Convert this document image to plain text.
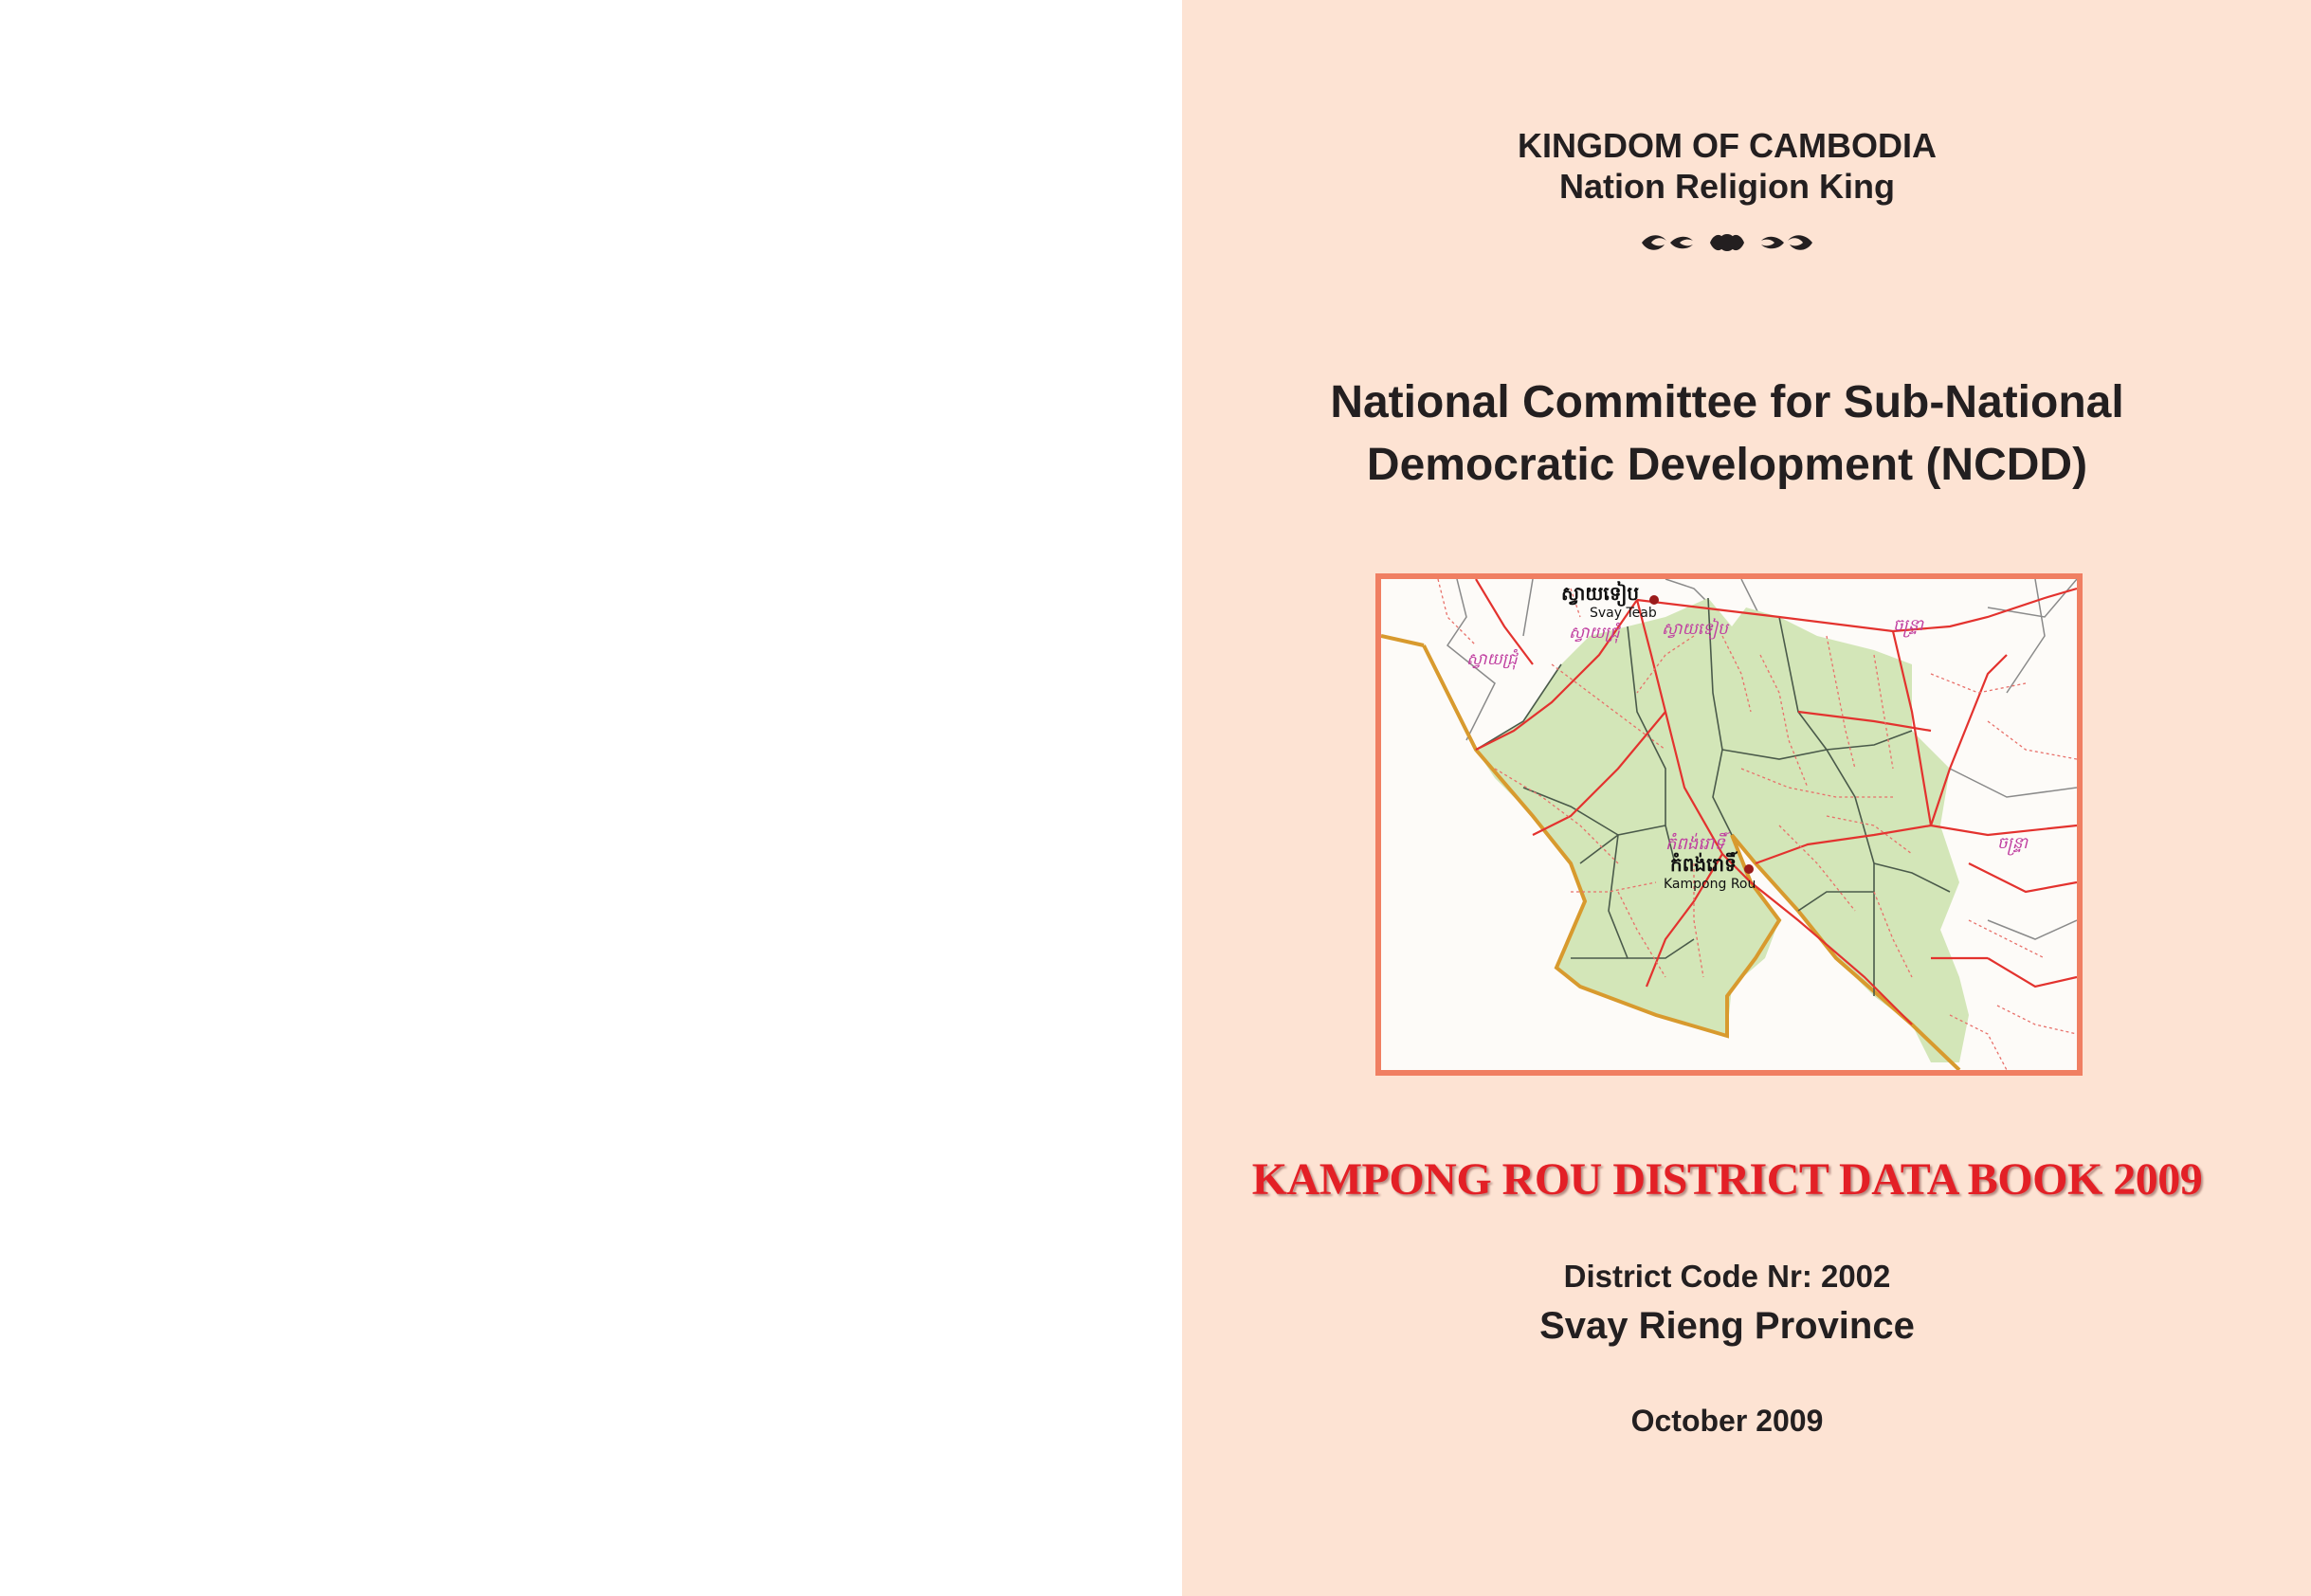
KINGDOM OF CAMBODIA
Nation Religion King
National Committee for Sub-National
Democratic Development (NCDD)
ស្វាយទៀប
Svay Teab
ស្វាយជ្រុំ	ស្វាយទៀប
ស្វាយជ្រុំ
ចន្ទ្រា
កំពង់រោទិ៍
កំពង់រោទិ៍
Kampong Rou
ចន្ទ្រា
KAMPONG ROU DISTRICT DATA BOOK 2009
District Code Nr: 2002
Svay Rieng Province
October 2009
